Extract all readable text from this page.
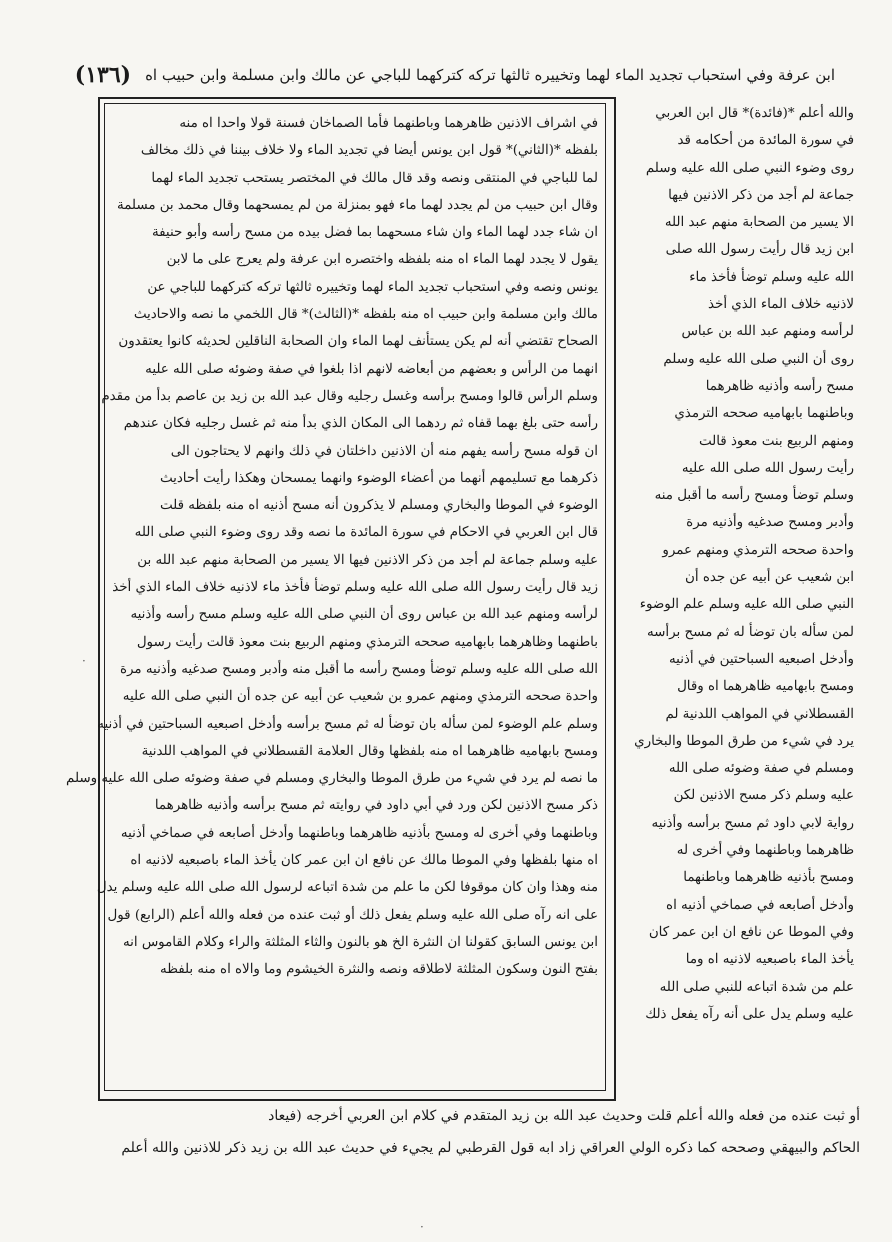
ابن عرفة وفي استحباب تجديد الماء لهما وتخييره ثالثها تركه كتركهما للباجي عن مالك وابن مسلمة وابن حبيب اه
(١٣٦)
في اشراف الاذنين ظاهرهما وباطنهما فأما الصماخان فسنة قولا واحدا اه منه
بلفظه *(الثاني)* قول ابن يونس أيضا في تجديد الماء ولا خلاف بيننا في ذلك مخالف
لما للباجي في المنتقى ونصه وقد قال مالك في المختصر يستحب تجديد الماء لهما
وقال ابن حبيب من لم يجدد لهما ماء فهو بمنزلة من لم يمسحهما وقال محمد بن مسلمة
ان شاء جدد لهما الماء وان شاء مسحهما بما فضل بيده من مسح رأسه وأبو حنيفة
يقول لا يجدد لهما الماء اه منه بلفظه واختصره ابن عرفة ولم يعرج على ما لابن
يونس ونصه وفي استحباب تجديد الماء لهما وتخييره ثالثها تركه كتركهما للباجي عن
مالك وابن مسلمة وابن حبيب اه منه بلفظه *(الثالث)* قال اللخمي ما نصه والاحاديث
الصحاح تقتضي أنه لم يكن يستأنف لهما الماء وان الصحابة الناقلين لحديثه كانوا يعتقدون
انهما من الرأس و بعضهم من أبعاضه لانهم اذا بلغوا في صفة وضوئه صلى الله عليه
وسلم الرأس قالوا ومسح برأسه وغسل رجليه وقال عبد الله بن زيد بن عاصم بدأ من مقدم
رأسه حتى بلغ بهما قفاه ثم ردهما الى المكان الذي بدأ منه ثم غسل رجليه فكان عندهم
ان قوله مسح رأسه يفهم منه أن الاذنين داخلتان في ذلك وانهم لا يحتاجون الى
ذكرهما مع تسليمهم أنهما من أعضاء الوضوء وانهما يمسحان وهكذا رأيت أحاديث
الوضوء في الموطا والبخاري ومسلم لا يذكرون أنه مسح أذنيه اه منه بلفظه قلت
قال ابن العربي في الاحكام في سورة المائدة ما نصه وقد روى وضوء النبي صلى الله
عليه وسلم جماعة لم أجد من ذكر الاذنين فيها الا يسير من الصحابة منهم عبد الله بن
زيد قال رأيت رسول الله صلى الله عليه وسلم توضأ فأخذ ماء لاذنيه خلاف الماء الذي أخذ
لرأسه ومنهم عبد الله بن عباس روى أن النبي صلى الله عليه وسلم مسح رأسه وأذنيه
باطنهما وظاهرهما بابهاميه صححه الترمذي ومنهم الربيع بنت معوذ قالت رأيت رسول
الله صلى الله عليه وسلم توضأ ومسح رأسه ما أقبل منه وأدبر ومسح صدغيه وأذنيه مرة
واحدة صححه الترمذي ومنهم عمرو بن شعيب عن أبيه عن جده أن النبي صلى الله عليه
وسلم علم الوضوء لمن سأله بان توضأ له ثم مسح برأسه وأدخل اصبعيه السباحتين في أذنيه
ومسح بابهاميه ظاهرهما اه منه بلفظها وقال العلامة القسطلاني في المواهب اللدنية
ما نصه لم يرد في شيء من طرق الموطا والبخاري ومسلم في صفة وضوئه صلى الله عليه وسلم
ذكر مسح الاذنين لكن ورد في أبي داود في روايته ثم مسح برأسه وأذنيه ظاهرهما
وباطنهما وفي أخرى له ومسح بأذنيه ظاهرهما وباطنهما وأدخل أصابعه في صماخي أذنيه
اه منها بلفظها وفي الموطا مالك عن نافع ان ابن عمر كان يأخذ الماء باصبعيه لاذنيه اه
منه وهذا وان كان موقوفا لكن ما علم من شدة اتباعه لرسول الله صلى الله عليه وسلم يدل
على انه رآه صلى الله عليه وسلم يفعل ذلك أو ثبت عنده من فعله والله أعلم (الرابع) قول
ابن يونس السابق كقولنا ان النثرة الخ هو بالنون والثاء المثلثة والراء وكلام القاموس انه
بفتح النون وسكون المثلثة لاطلاقه ونصه والنثرة الخيشوم وما والاه اه منه بلفظه
والله أعلم *(فائدة)* قال ابن العربي
في سورة المائدة من أحكامه قد
روى وضوء النبي صلى الله عليه وسلم
جماعة لم أجد من ذكر الاذنين فيها
الا يسير من الصحابة منهم عبد الله
ابن زيد قال رأيت رسول الله صلى
الله عليه وسلم توضأ فأخذ ماء
لاذنيه خلاف الماء الذي أخذ
لرأسه ومنهم عبد الله بن عباس
روى أن النبي صلى الله عليه وسلم
مسح رأسه وأذنيه ظاهرهما
وباطنهما بابهاميه صححه الترمذي
ومنهم الربيع بنت معوذ قالت
رأيت رسول الله صلى الله عليه
وسلم توضأ ومسح رأسه ما أقبل منه
وأدبر ومسح صدغيه وأذنيه مرة
واحدة صححه الترمذي ومنهم عمرو
ابن شعيب عن أبيه عن جده أن
النبي صلى الله عليه وسلم علم الوضوء
لمن سأله بان توضأ له ثم مسح برأسه
وأدخل اصبعيه السباحتين في أذنيه
ومسح بابهاميه ظاهرهما اه وقال
القسطلاني في المواهب اللدنية لم
يرد في شيء من طرق الموطا والبخاري
ومسلم في صفة وضوئه صلى الله
عليه وسلم ذكر مسح الاذنين لكن
رواية لابي داود ثم مسح برأسه وأذنيه
ظاهرهما وباطنهما وفي أخرى له
ومسح بأذنيه ظاهرهما وباطنهما
وأدخل أصابعه في صماخي أذنيه اه
وفي الموطا عن نافع ان ابن عمر كان
يأخذ الماء باصبعيه لاذنيه اه وما
علم من شدة اتباعه للنبي صلى الله
عليه وسلم يدل على أنه رآه يفعل ذلك
أو ثبت عنده من فعله والله أعلم قلت وحديث عبد الله بن زيد المتقدم في كلام ابن العربي أخرجه (فيعاد
الحاكم والبيهقي وصححه كما ذكره الولي العراقي زاد ابه قول القرطبي لم يجيء في حديث عبد الله بن زيد ذكر للاذنين والله أعلم
·
·
